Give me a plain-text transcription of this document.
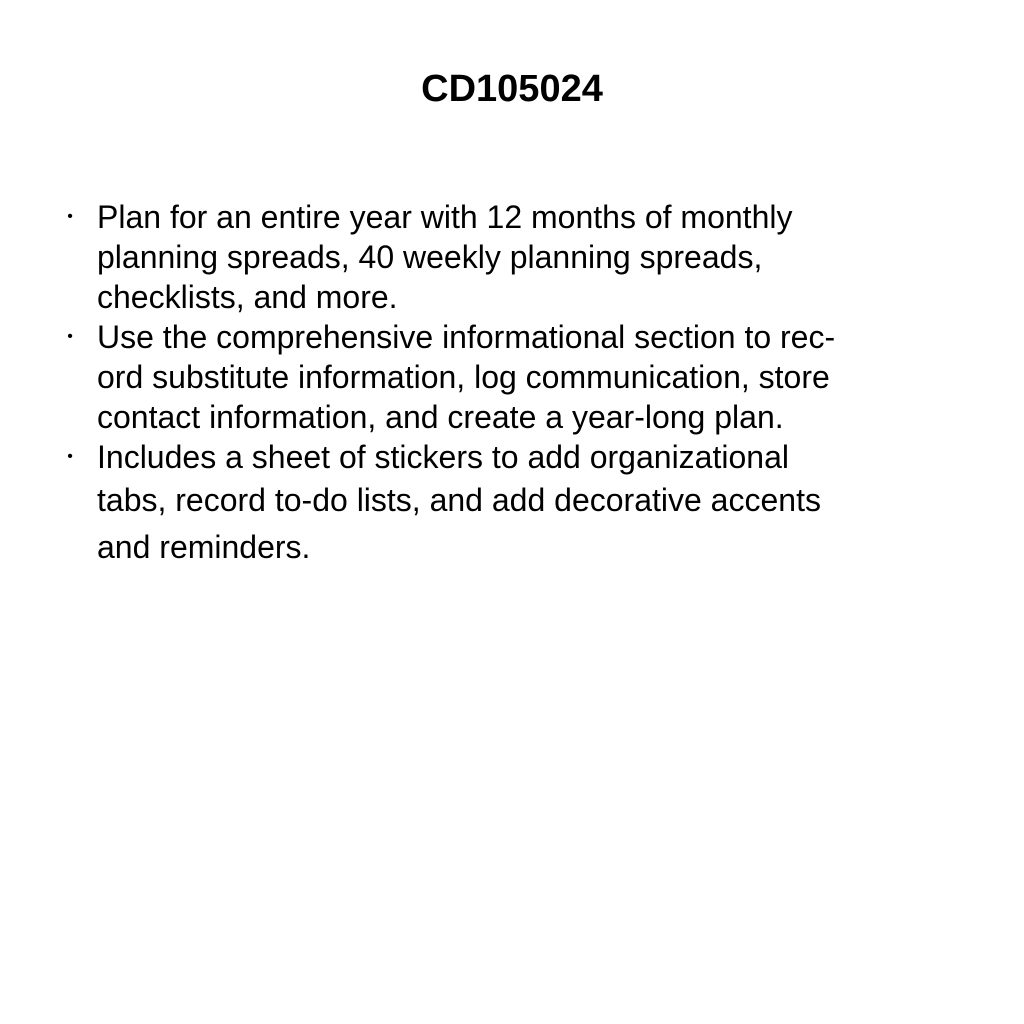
CD105024
• Plan for an entire year with 12 months of monthly
planning spreads, 40 weekly planning spreads,
checklists, and more.
• Use the comprehensive informational section to rec-
ord substitute information, log communication, store
contact information, and create a year-long plan.
• Includes a sheet of stickers to add organizational
tabs, record to-do lists, and add decorative accents
and reminders.
